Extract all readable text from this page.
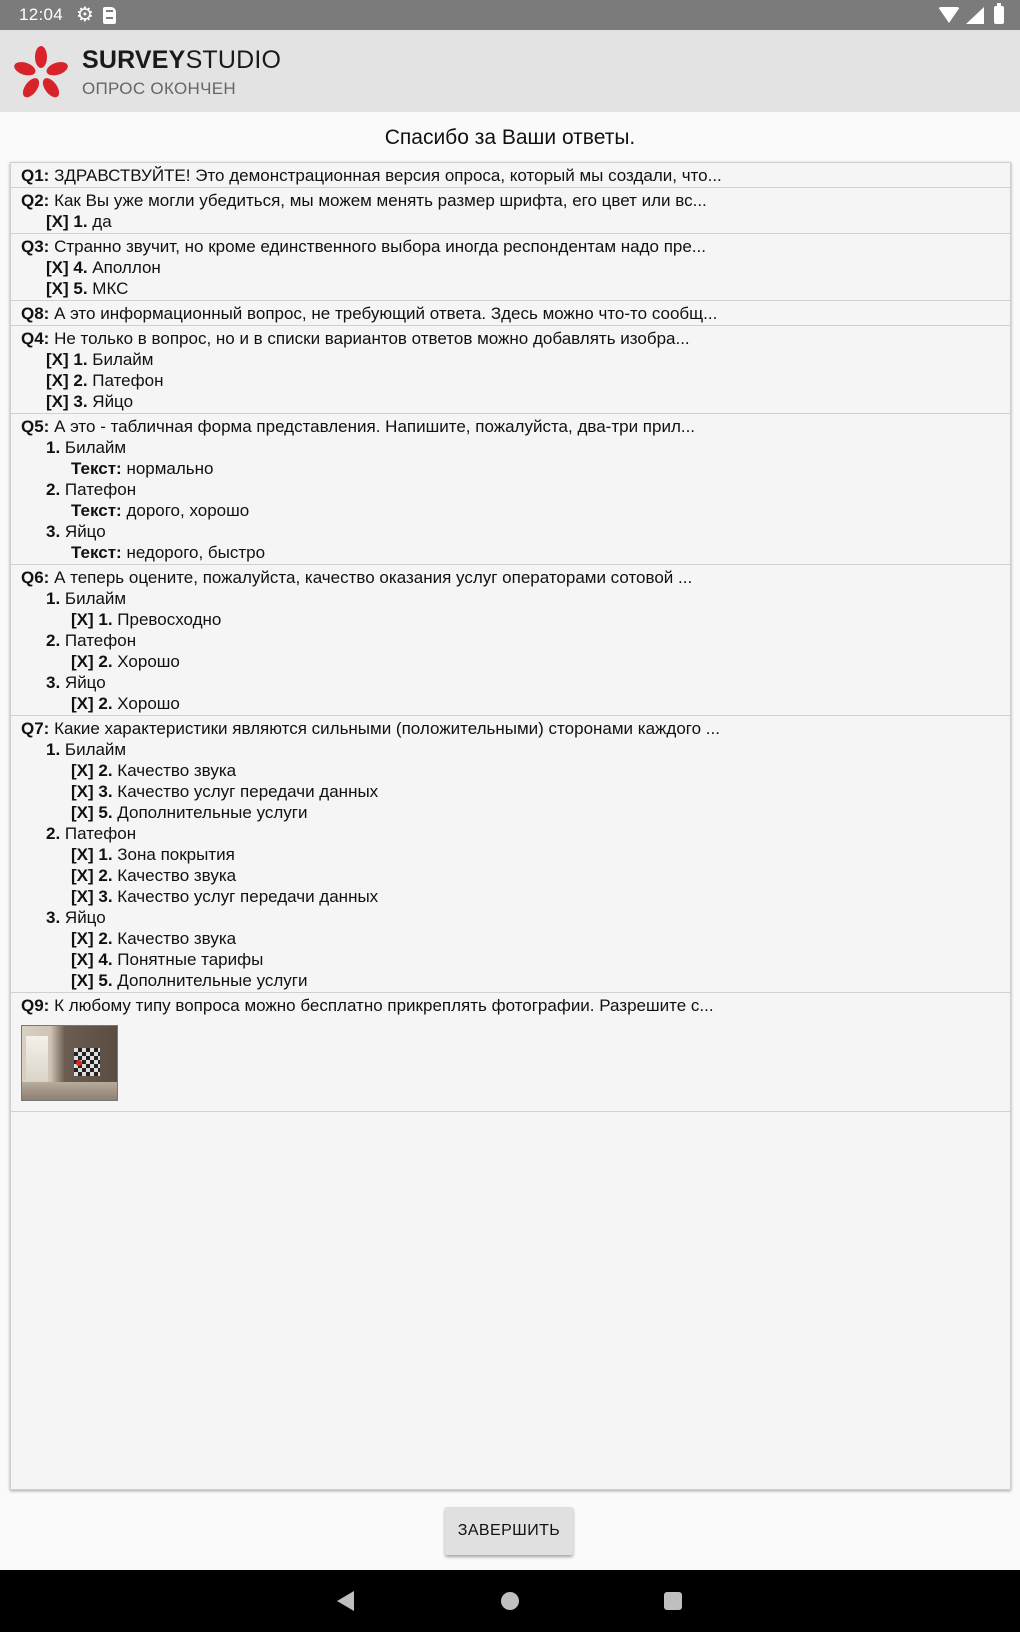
12:04 ⚙
SURVEYSTUDIO
ОПРОС ОКОНЧЕН
Спасибо за Ваши ответы.
Q1: ЗДРАВСТВУЙТЕ! Это демонстрационная версия опроса, который мы создали, что...
Q2: Как Вы уже могли убедиться, мы можем менять размер шрифта, его цвет или вс...
[X] 1. да
Q3: Странно звучит, но кроме единственного выбора иногда респондентам надо пре...
[X] 4. Аполлон
[X] 5. МКС
Q8: А это информационный вопрос, не требующий ответа. Здесь можно что-то сообщ...
Q4: Не только в вопрос, но и в списки вариантов ответов можно добавлять изобра...
[X] 1. Билайм
[X] 2. Патефон
[X] 3. Яйцо
Q5: А это - табличная форма представления. Напишите, пожалуйста, два-три прил...
1. Билайм
Текст: нормально
2. Патефон
Текст: дорого, хорошо
3. Яйцо
Текст: недорого, быстро
Q6: А теперь оцените, пожалуйста, качество оказания услуг операторами сотовой ...
1. Билайм
[X] 1. Превосходно
2. Патефон
[X] 2. Хорошо
3. Яйцо
[X] 2. Хорошо
Q7: Какие характеристики являются сильными (положительными) сторонами каждого ...
1. Билайм
[X] 2. Качество звука
[X] 3. Качество услуг передачи данных
[X] 5. Дополнительные услуги
2. Патефон
[X] 1. Зона покрытия
[X] 2. Качество звука
[X] 3. Качество услуг передачи данных
3. Яйцо
[X] 2. Качество звука
[X] 4. Понятные тарифы
[X] 5. Дополнительные услуги
Q9: К любому типу вопроса можно бесплатно прикреплять фотографии. Разрешите с...
ЗАВЕРШИТЬ
